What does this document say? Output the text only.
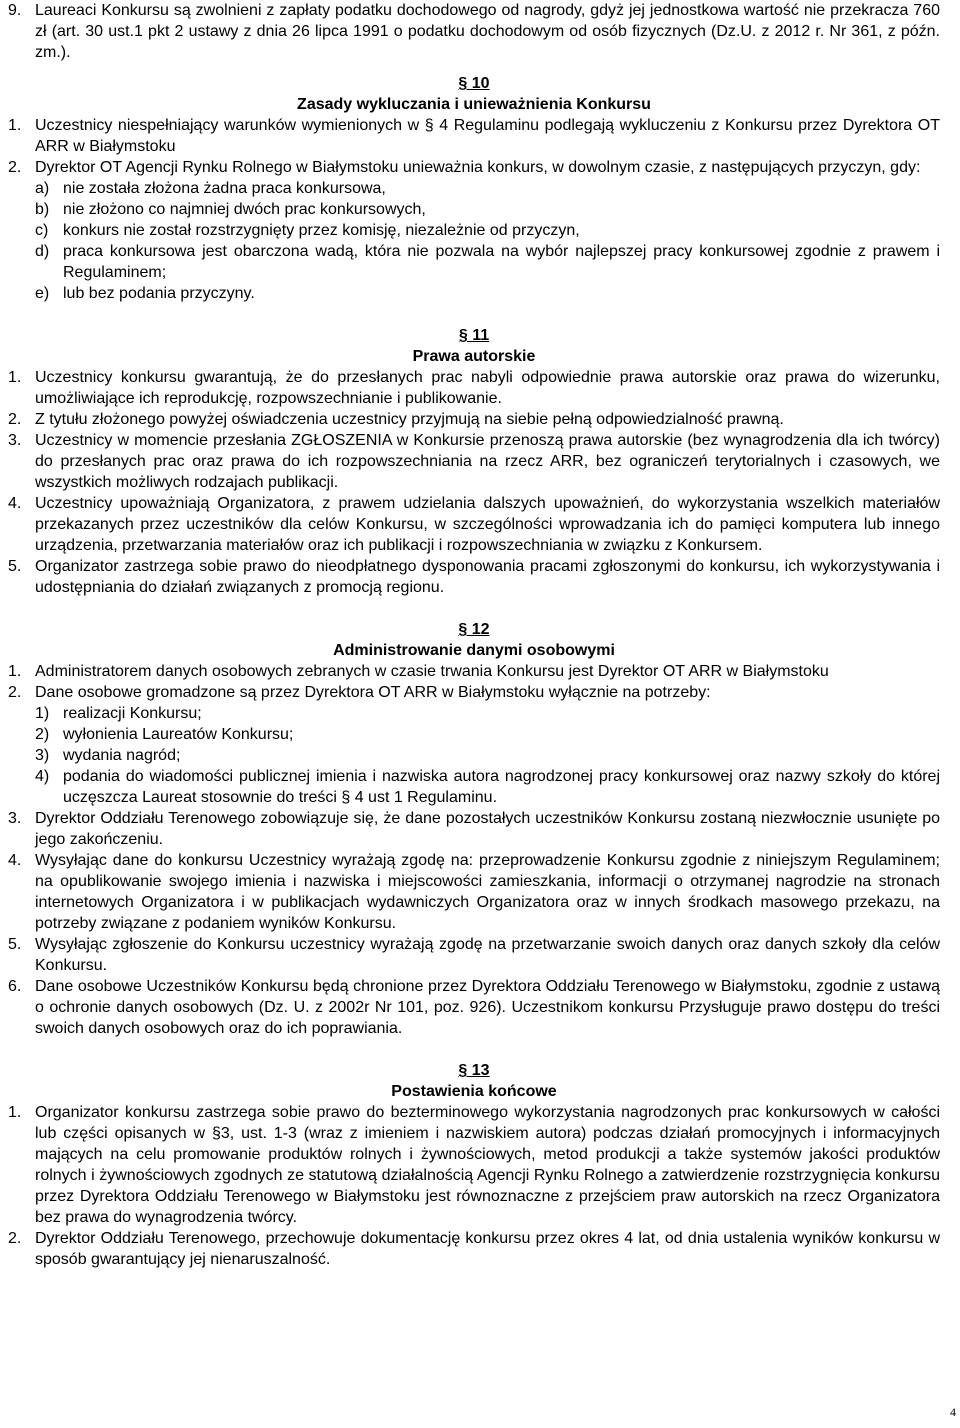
9. Laureaci Konkursu są zwolnieni z zapłaty podatku dochodowego od nagrody, gdyż jej jednostkowa wartość nie przekracza 760 zł (art. 30 ust.1 pkt 2 ustawy z dnia 26 lipca 1991 o podatku dochodowym od osób fizycznych (Dz.U. z 2012 r. Nr 361, z późn. zm.).

§ 10

Zasady wykluczania i unieważnienia Konkursu

1. Uczestnicy niespełniający warunków wymienionych w § 4 Regulaminu podlegają wykluczeniu z Konkursu przez Dyrektora OT ARR w Białymstoku
2. Dyrektor OT Agencji Rynku Rolnego w Białymstoku unieważnia konkurs, w dowolnym czasie, z następujących przyczyn, gdy:
a) nie została złożona żadna praca konkursowa,
b) nie złożono co najmniej dwóch prac konkursowych,
c) konkurs nie został rozstrzygnięty przez komisję, niezależnie od przyczyn,
d) praca konkursowa jest obarczona wadą, która nie pozwala na wybór najlepszej pracy konkursowej zgodnie z prawem i Regulaminem;
e) lub bez podania przyczyny.

§ 11

Prawa autorskie

1. Uczestnicy konkursu gwarantują, że do przesłanych prac nabyli odpowiednie prawa autorskie oraz prawa do wizerunku, umożliwiające ich reprodukcję, rozpowszechnianie i publikowanie.
2. Z tytułu złożonego powyżej oświadczenia uczestnicy przyjmują na siebie pełną odpowiedzialność prawną.
3. Uczestnicy w momencie przesłania ZGŁOSZENIA w Konkursie przenoszą prawa autorskie (bez wynagrodzenia dla ich twórcy) do przesłanych prac oraz prawa do ich rozpowszechniania na rzecz ARR, bez ograniczeń terytorialnych i czasowych, we wszystkich możliwych rodzajach publikacji.
4. Uczestnicy upoważniają Organizatora, z prawem udzielania dalszych upoważnień, do wykorzystania wszelkich materiałów przekazanych przez uczestników dla celów Konkursu, w szczególności wprowadzania ich do pamięci komputera lub innego urządzenia, przetwarzania materiałów oraz ich publikacji i rozpowszechniania w związku z Konkursem.
5. Organizator zastrzega sobie prawo do nieodpłatnego dysponowania pracami zgłoszonymi do konkursu, ich wykorzystywania i udostępniania do działań związanych z promocją regionu.

§ 12

Administrowanie danymi osobowymi

1. Administratorem danych osobowych zebranych w czasie trwania Konkursu jest Dyrektor OT ARR w Białymstoku
2. Dane osobowe gromadzone są przez Dyrektora OT ARR w Białymstoku wyłącznie na potrzeby:
1) realizacji Konkursu;
2) wyłonienia Laureatów Konkursu;
3) wydania nagród;
4) podania do wiadomości publicznej imienia i nazwiska autora nagrodzonej pracy konkursowej oraz nazwy szkoły do której uczęszcza Laureat stosownie do treści § 4 ust 1 Regulaminu.
3. Dyrektor Oddziału Terenowego zobowiązuje się, że dane pozostałych uczestników Konkursu zostaną niezwłocznie usunięte po jego zakończeniu.
4. Wysyłając dane do konkursu Uczestnicy wyrażają zgodę na: przeprowadzenie Konkursu zgodnie z niniejszym Regulaminem; na opublikowanie swojego imienia i nazwiska i miejscowości zamieszkania, informacji o otrzymanej nagrodzie na stronach internetowych Organizatora i w publikacjach wydawniczych Organizatora oraz w innych środkach masowego przekazu, na potrzeby związane z podaniem wyników Konkursu.
5. Wysyłając zgłoszenie do Konkursu uczestnicy wyrażają zgodę na przetwarzanie swoich danych oraz danych szkoły dla celów Konkursu.
6. Dane osobowe Uczestników Konkursu będą chronione przez Dyrektora Oddziału Terenowego w Białymstoku, zgodnie z ustawą o ochronie danych osobowych (Dz. U. z 2002r Nr 101, poz. 926). Uczestnikom konkursu Przysługuje prawo dostępu do treści swoich danych osobowych oraz do ich poprawiania.

§ 13

Postawienia końcowe

1. Organizator konkursu zastrzega sobie prawo do bezterminowego wykorzystania nagrodzonych prac konkursowych w całości lub części opisanych w §3, ust. 1-3 (wraz z imieniem i nazwiskiem autora) podczas działań promocyjnych i informacyjnych mających na celu promowanie produktów rolnych i żywnościowych, metod produkcji a także systemów jakości produktów rolnych i żywnościowych zgodnych ze statutową działalnością Agencji Rynku Rolnego a zatwierdzenie rozstrzygnięcia konkursu przez Dyrektora Oddziału Terenowego w Białymstoku jest równoznaczne z przejściem praw autorskich na rzecz Organizatora bez prawa do wynagrodzenia twórcy.
2. Dyrektor Oddziału Terenowego, przechowuje dokumentację konkursu przez okres 4 lat, od dnia ustalenia wyników konkursu w sposób gwarantujący jej nienaruszalność.
4
